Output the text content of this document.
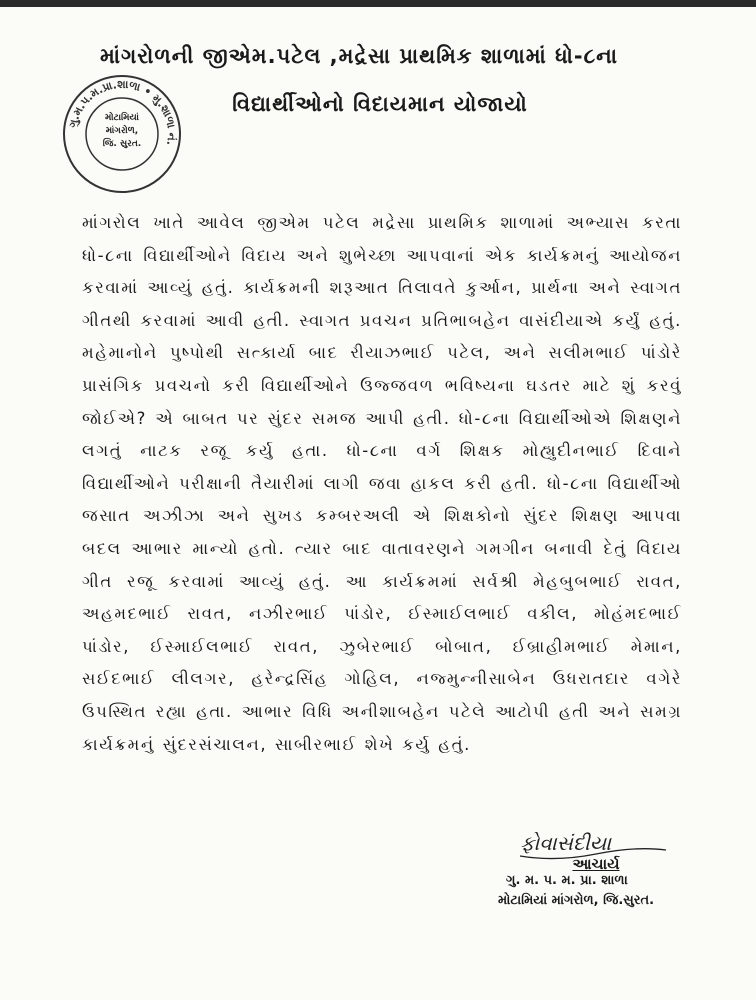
માંગરોળની જીએમ.પટેલ ,મદ્રેસા પ્રાથમિક શાળામાં ધો-૮ના
વિદ્યાર્થીઓનો વિદાયમાન યોજાયો
ગુ.મ.પ.મ.પ્રા.શાળા • મુ.શાળા નં.
મોટામિયાં
માંગરોળ,
જિ. સુરત.
માંગરોલ ખાતે આવેલ જીએમ પટેલ મદ્રેસા પ્રાથમિક શાળામાં અભ્યાસ કરતા ધો-૮ના વિદ્યાર્થીઓને વિદાય અને શુભેચ્છા આપવાનાં એક કાર્યક્રમનું આયોજન કરવામાં આવ્યું હતું. કાર્યક્રમની શરૂઆત તિલાવતે કુર્આન, પ્રાર્થના અને સ્વાગત ગીતથી કરવામાં આવી હતી. સ્વાગત પ્રવચન પ્રતિભાબહેન વાસંદીયાએ કર્યું હતું. મહેમાનોને પુષ્પોથી સત્કાર્યા બાદ રીયાઝભાઈ પટેલ, અને સલીમભાઈ પાંડોરે પ્રાસંગિક પ્રવચનો કરી વિદ્યાર્થીઓને ઉજ્જવળ ભવિષ્યના ઘડતર માટે શું કરવું જોઈએ? એ બાબત પર સુંદર સમજ આપી હતી. ધો-૮ના વિદ્યાર્થીઓએ શિક્ષણને લગતું નાટક રજૂ કર્યુ હતા. ધો-૮ના વર્ગ શિક્ષક મોહ્યુદીનભાઈ દિવાને વિદ્યાર્થીઓને પરીક્ષાની તૈયારીમાં લાગી જવા હાકલ કરી હતી. ધો-૮ના વિદ્યાર્થીઓ જસાત અઝીઝા અને સુખડ કમ્બરઅલી એ શિક્ષકોનો સુંદર શિક્ષણ આપવા બદલ આભાર માન્યો હતો. ત્યાર બાદ વાતાવરણને ગમગીન બનાવી દેતું વિદાય ગીત રજૂ કરવામાં આવ્યું હતું. આ કાર્યક્રમમાં સર્વશ્રી મેહબુબભાઈ રાવત, અહમદભાઈ રાવત, નઝીરભાઈ પાંડોર, ઈસ્માઈલભાઈ વકીલ, મોહંમદભાઈ પાંડોર, ઈસ્માઈલભાઈ રાવત, ઝુબેરભાઈ બોબાત, ઈબ્રાહીમભાઈ મેમાન, સઈદભાઈ લીલગર, હરેન્દ્રસિંહ ગોહિલ, નજ્મુન્નીસાબેન ઉધરાતદાર વગેરે ઉપસ્થિત રહ્યા હતા. આભાર વિધિ અનીશાબહેન પટેલે આટોપી હતી અને સમગ્ર કાર્યક્રમનું સુંદરસંચાલન, સાબીરભાઈ શેખે કર્યુ હતું.
ફોવાસંદીયા
આચાર્ય
ગુ. મ. પ. મ. પ્રા. શાળા
મોટામિયાં માંગરોળ, જિ.સુરત.
